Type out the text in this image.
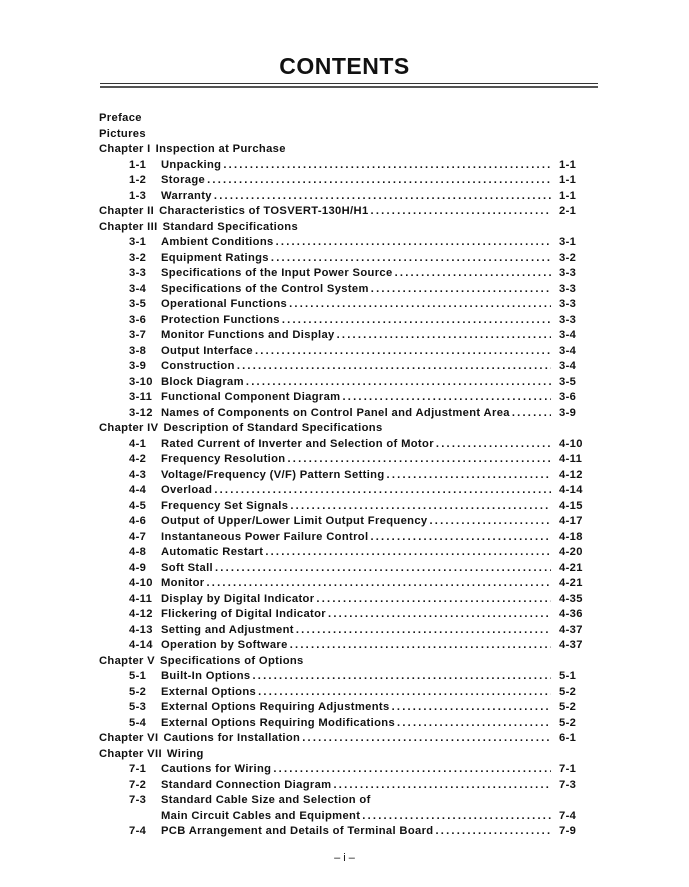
CONTENTS
Preface
Pictures
Chapter I Inspection at Purchase
1-1	Unpacking .....	1-1
1-2	Storage .....	1-1
1-3	Warranty .....	1-1
Chapter II Characteristics of TOSVERT-130H/H1 .....	2-1
Chapter III Standard Specifications
3-1	Ambient Conditions .....	3-1
3-2	Equipment Ratings .....	3-2
3-3	Specifications of the Input Power Source .....	3-3
3-4	Specifications of the Control System .....	3-3
3-5	Operational Functions .....	3-3
3-6	Protection Functions .....	3-3
3-7	Monitor Functions and Display .....	3-4
3-8	Output Interface .....	3-4
3-9	Construction .....	3-4
3-10 Block Diagram .....	3-5
3-11 Functional Component Diagram .....	3-6
3-12 Names of Components on Control Panel and Adjustment Area .....	3-9
Chapter IV Description of Standard Specifications
4-1	Rated Current of Inverter and Selection of Motor .....	4-10
4-2	Frequency Resolution .....	4-11
4-3	Voltage/Frequency (V/F) Pattern Setting .....	4-12
4-4	Overload .....	4-14
4-5	Frequency Set Signals .....	4-15
4-6	Output of Upper/Lower Limit Output Frequency .....	4-17
4-7	Instantaneous Power Failure Control .....	4-18
4-8	Automatic Restart .....	4-20
4-9	Soft Stall .....	4-21
4-10 Monitor .....	4-21
4-11 Display by Digital Indicator .....	4-35
4-12 Flickering of Digital Indicator .....	4-36
4-13 Setting and Adjustment .....	4-37
4-14 Operation by Software .....	4-37
Chapter V Specifications of Options
5-1	Built-In Options .....	5-1
5-2	External Options .....	5-2
5-3	External Options Requiring Adjustments .....	5-2
5-4	External Options Requiring Modifications .....	5-2
Chapter VI Cautions for Installation .....	6-1
Chapter VII Wiring
7-1	Cautions for Wiring .....	7-1
7-2	Standard Connection Diagram .....	7-3
7-3	Standard Cable Size and Selection of
Main Circuit Cables and Equipment .....	7-4
7-4	PCB Arrangement and Details of Terminal Board .....	7-9
– i –
